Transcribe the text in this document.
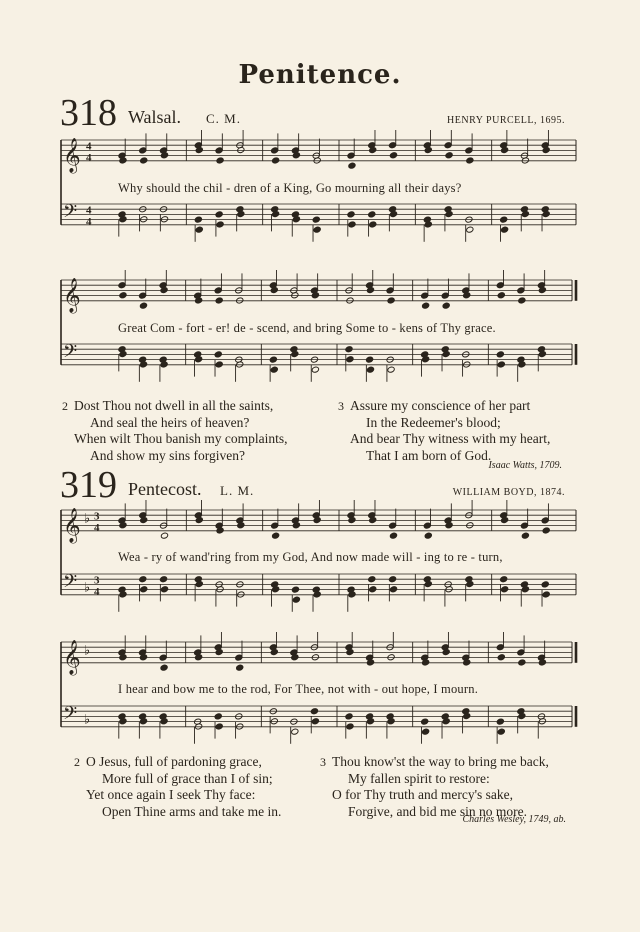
Penitence.
318 Walsal. C. M.	HENRY PURCELL, 1695.
𝄞 4
4
𝄢 4
4
Why should the chil - dren of a King, Go mourning all their days?
𝄞
𝄢
Great Com - fort - er! de - scend, and bring Some to - kens of Thy grace.
2 Dost Thou not dwell in all the saints,
And seal the heirs of heaven?
When wilt Thou banish my complaints,
And show my sins forgiven?
3 Assure my conscience of her part
In the Redeemer's blood;
And bear Thy witness with my heart,
That I am born of God.
Isaac Watts, 1709.
319 Pentecost. L. M.	WILLIAM BOYD, 1874.
𝄞 ♭ 3
4
𝄢 ♭ 3
4
Wea - ry of wand'ring from my God, And now made will - ing to re - turn,
𝄞 ♭
𝄢 ♭
I hear and bow me to the rod, For Thee, not with - out hope, I mourn.
2 O Jesus, full of pardoning grace,
More full of grace than I of sin;
Yet once again I seek Thy face:
Open Thine arms and take me in.
3 Thou know'st the way to bring me back,
My fallen spirit to restore:
O for Thy truth and mercy's sake,
Forgive, and bid me sin no more.
Charles Wesley, 1749, ab.
